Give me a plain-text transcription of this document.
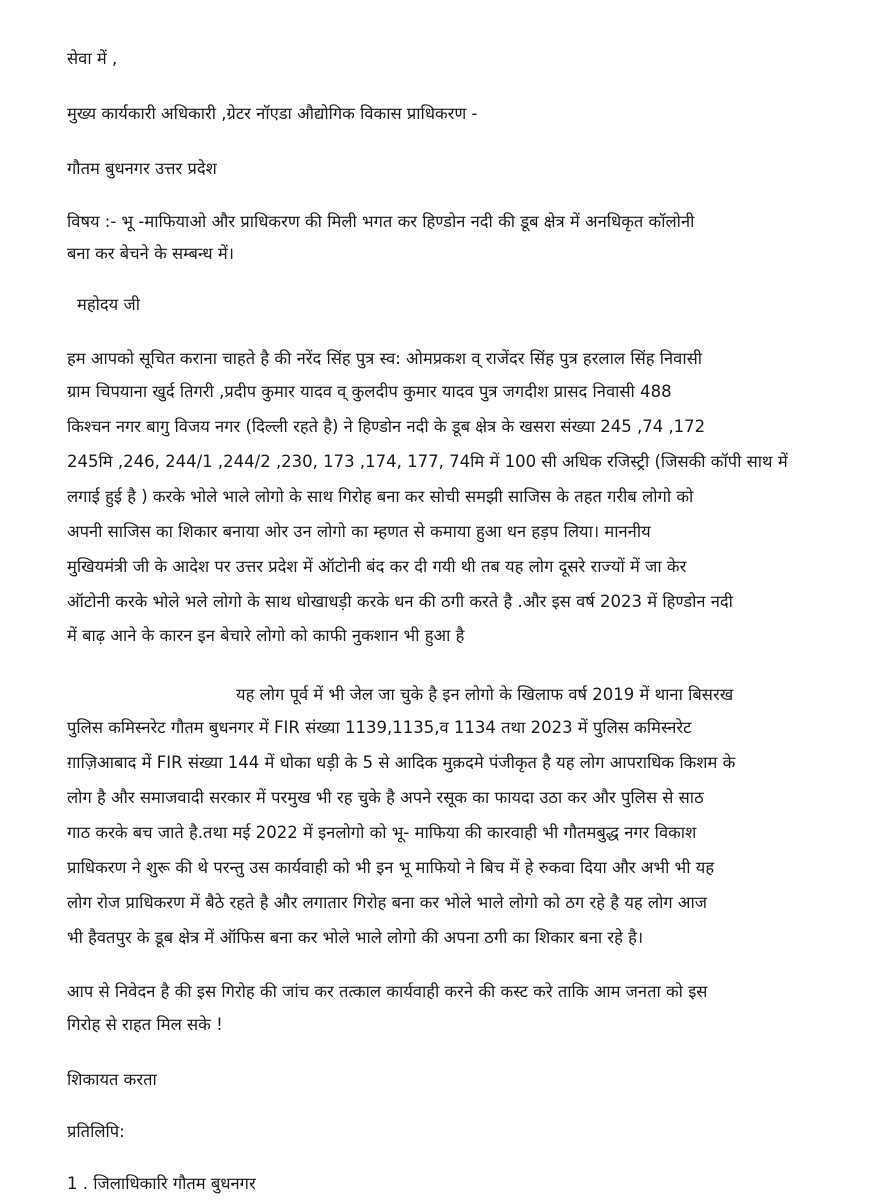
सेवा में ,
मुख्य कार्यकारी अधिकारी ,ग्रेटर नॉएडा औद्योगिक विकास प्राधिकरण -
गौतम बुधनगर उत्तर प्रदेश
विषय :- भू -माफियाओ और प्राधिकरण की मिली भगत कर हिण्डोन नदी की डूब क्षेत्र में अनधिकृत कॉलोनी
बना कर बेचने के सम्बन्ध में।
महोदय जी
हम आपको सूचित कराना चाहते है की नरेंद सिंह पुत्र स्व: ओमप्रकश व् राजेंदर सिंह पुत्र हरलाल सिंह निवासी
ग्राम चिपयाना खुर्द तिगरी ,प्रदीप कुमार यादव व् कुलदीप कुमार यादव पुत्र जगदीश प्रासद निवासी 488
किश्चन नगर बागु विजय नगर (दिल्ली रहते है) ने हिण्डोन नदी के डूब क्षेत्र के खसरा संख्या 245 ,74 ,172
245मि ,246, 244/1 ,244/2 ,230, 173 ,174, 177, 74मि में 100 सी अधिक रजिस्ट्री (जिसकी कॉपी साथ में
लगाई हुई है ) करके भोले भाले लोगो के साथ गिरोह बना कर सोची समझी साजिस के तहत गरीब लोगो को
अपनी साजिस का शिकार बनाया ओर उन लोगो का म्हणत से कमाया हुआ धन हड़प लिया। माननीय
मुखियमंत्री जी के आदेश पर उत्तर प्रदेश में ऑटोनी बंद कर दी गयी थी तब यह लोग दूसरे राज्यों में जा केर
ऑटोनी करके भोले भले लोगो के साथ धोखाधड़ी करके धन की ठगी करते है .और इस वर्ष 2023 में हिण्डोन नदी
में बाढ़ आने के कारन इन बेचारे लोगो को काफी नुकशान भी हुआ है
यह लोग पूर्व में भी जेल जा चुके है इन लोगो के खिलाफ वर्ष 2019 में थाना बिसरख
पुलिस कमिस्नरेट गौतम बुधनगर में FIR संख्या 1139,1135,व 1134 तथा 2023 में पुलिस कमिस्नरेट
ग़ाज़िआबाद में FIR संख्या 144 में धोका धड़ी के 5 से आदिक मुक़दमे पंजीकृत है यह लोग आपराधिक किशम के
लोग है और समाजवादी सरकार में परमुख भी रह चुके है अपने रसूक का फायदा उठा कर और पुलिस से साठ
गाठ करके बच जाते है.तथा मई 2022 में इनलोगो को भू- माफिया की कारवाही भी गौतमबुद्ध नगर विकाश
प्राधिकरण ने शुरू की थे परन्तु उस कार्यवाही को भी इन भू माफियो ने बिच में हे रुकवा दिया और अभी भी यह
लोग रोज प्राधिकरण में बैठे रहते है और लगातार गिरोह बना कर भोले भाले लोगो को ठग रहे है यह लोग आज
भी हैवतपुर के डूब क्षेत्र में ऑफिस बना कर भोले भाले लोगो की अपना ठगी का शिकार बना रहे है।
आप से निवेदन है की इस गिरोह की जांच कर तत्काल कार्यवाही करने की कस्ट करे ताकि आम जनता को इस
गिरोह से राहत मिल सके !
शिकायत करता
प्रतिलिपि:
1 . जिलाधिकारि गौतम बुधनगर
